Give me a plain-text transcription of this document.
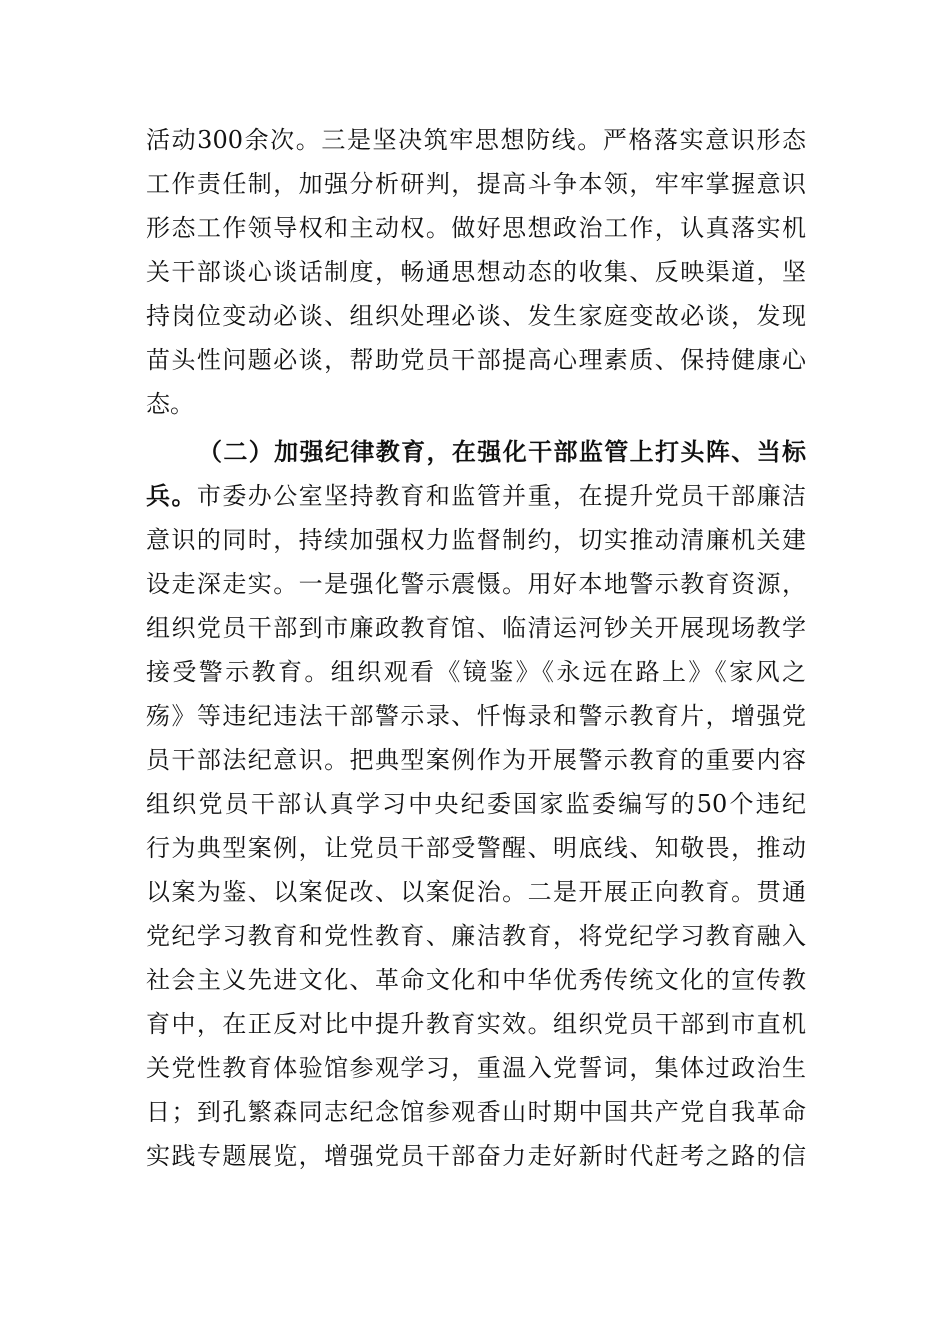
活动300余次。三是坚决筑牢思想防线。严格落实意识形态
工作责任制，加强分析研判，提高斗争本领，牢牢掌握意识
形态工作领导权和主动权。做好思想政治工作，认真落实机
关干部谈心谈话制度，畅通思想动态的收集、反映渠道，坚
持岗位变动必谈、组织处理必谈、发生家庭变故必谈，发现
苗头性问题必谈，帮助党员干部提高心理素质、保持健康心
态。
（二）加强纪律教育，在强化干部监管上打头阵、当标
兵。市委办公室坚持教育和监管并重，在提升党员干部廉洁
意识的同时，持续加强权力监督制约，切实推动清廉机关建
设走深走实。一是强化警示震慑。用好本地警示教育资源，
组织党员干部到市廉政教育馆、临清运河钞关开展现场教学
接受警示教育。组织观看《镜鉴》《永远在路上》《家风之
殇》等违纪违法干部警示录、忏悔录和警示教育片，增强党
员干部法纪意识。把典型案例作为开展警示教育的重要内容
组织党员干部认真学习中央纪委国家监委编写的50个违纪
行为典型案例，让党员干部受警醒、明底线、知敬畏，推动
以案为鉴、以案促改、以案促治。二是开展正向教育。贯通
党纪学习教育和党性教育、廉洁教育，将党纪学习教育融入
社会主义先进文化、革命文化和中华优秀传统文化的宣传教
育中，在正反对比中提升教育实效。组织党员干部到市直机
关党性教育体验馆参观学习，重温入党誓词，集体过政治生
日；到孔繁森同志纪念馆参观香山时期中国共产党自我革命
实践专题展览，增强党员干部奋力走好新时代赶考之路的信
